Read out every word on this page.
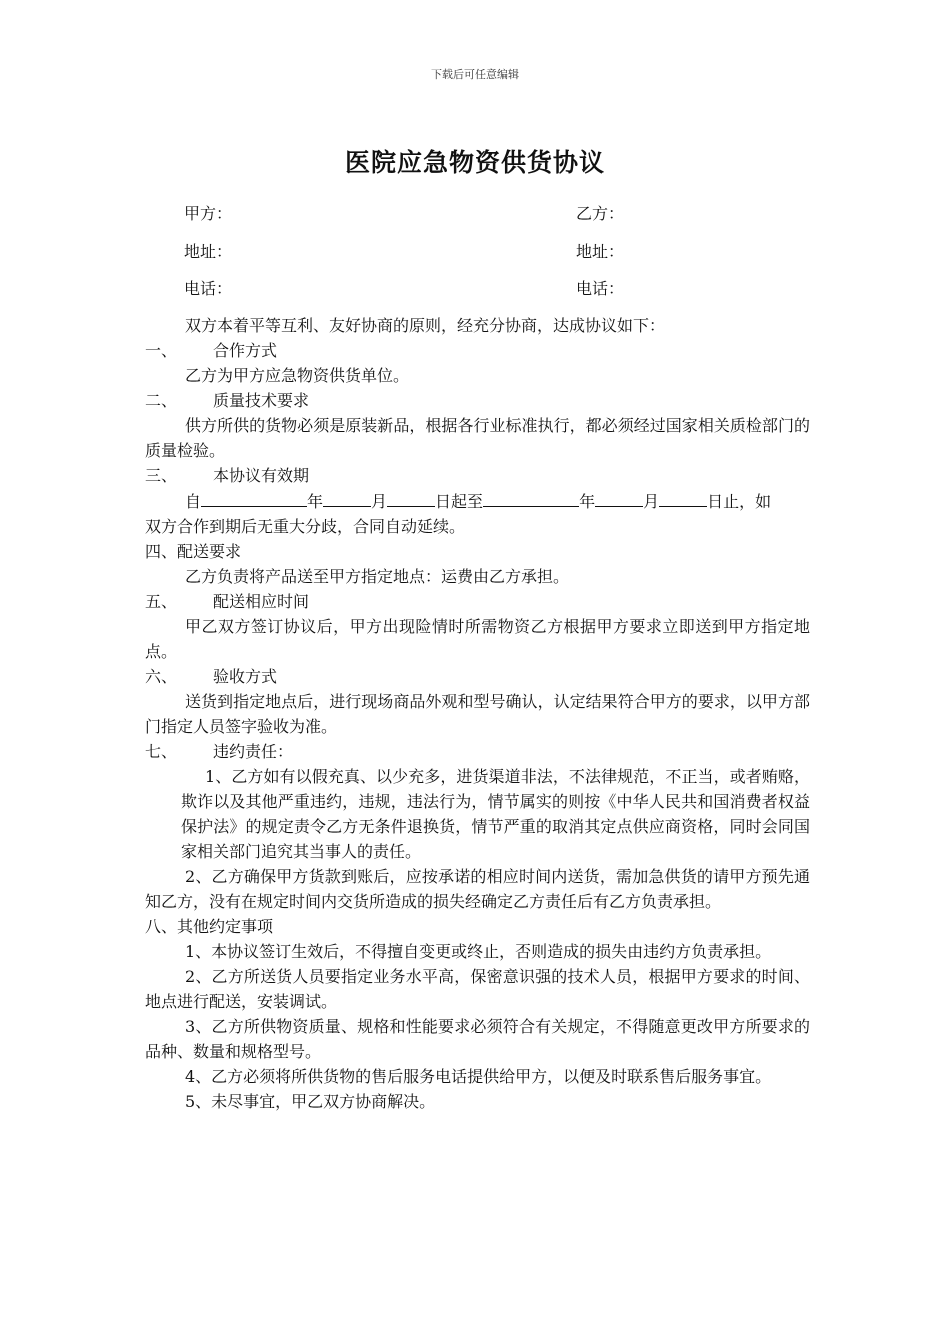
下载后可任意编辑
医院应急物资供货协议
甲方：	乙方：
地址：	地址：
电话：	电话：

双方本着平等互利、友好协商的原则，经充分协商，达成协议如下：

一、	合作方式

乙方为甲方应急物资供货单位。

二、	质量技术要求

供方所供的货物必须是原装新品，根据各行业标准执行，都必须经过国家相关质检部门的质量检验。

三、	本协议有效期

自	年	月	日起至	年	月	日止，如

双方合作到期后无重大分歧，合同自动延续。

四、配送要求

乙方负责将产品送至甲方指定地点：运费由乙方承担。

五、	配送相应时间

甲乙双方签订协议后，甲方出现险情时所需物资乙方根据甲方要求立即送到甲方指定地点。

六、	验收方式

送货到指定地点后，进行现场商品外观和型号确认，认定结果符合甲方的要求，以甲方部门指定人员签字验收为准。

七、	违约责任：

1、乙方如有以假充真、以少充多，进货渠道非法，不法律规范，不正当，或者贿赂，欺诈以及其他严重违约，违规，违法行为，情节属实的则按《中华人民共和国消费者权益保护法》的规定责令乙方无条件退换货，情节严重的取消其定点供应商资格，同时会同国家相关部门追究其当事人的责任。

2、乙方确保甲方货款到账后，应按承诺的相应时间内送货，需加急供货的请甲方预先通知乙方，没有在规定时间内交货所造成的损失经确定乙方责任后有乙方负责承担。

八、其他约定事项

1、本协议签订生效后，不得擅自变更或终止，否则造成的损失由违约方负责承担。

2、乙方所送货人员要指定业务水平高，保密意识强的技术人员，根据甲方要求的时间、地点进行配送，安装调试。

3、乙方所供物资质量、规格和性能要求必须符合有关规定，不得随意更改甲方所要求的品种、数量和规格型号。

4、乙方必须将所供货物的售后服务电话提供给甲方，以便及时联系售后服务事宜。

5、未尽事宜，甲乙双方协商解决。
